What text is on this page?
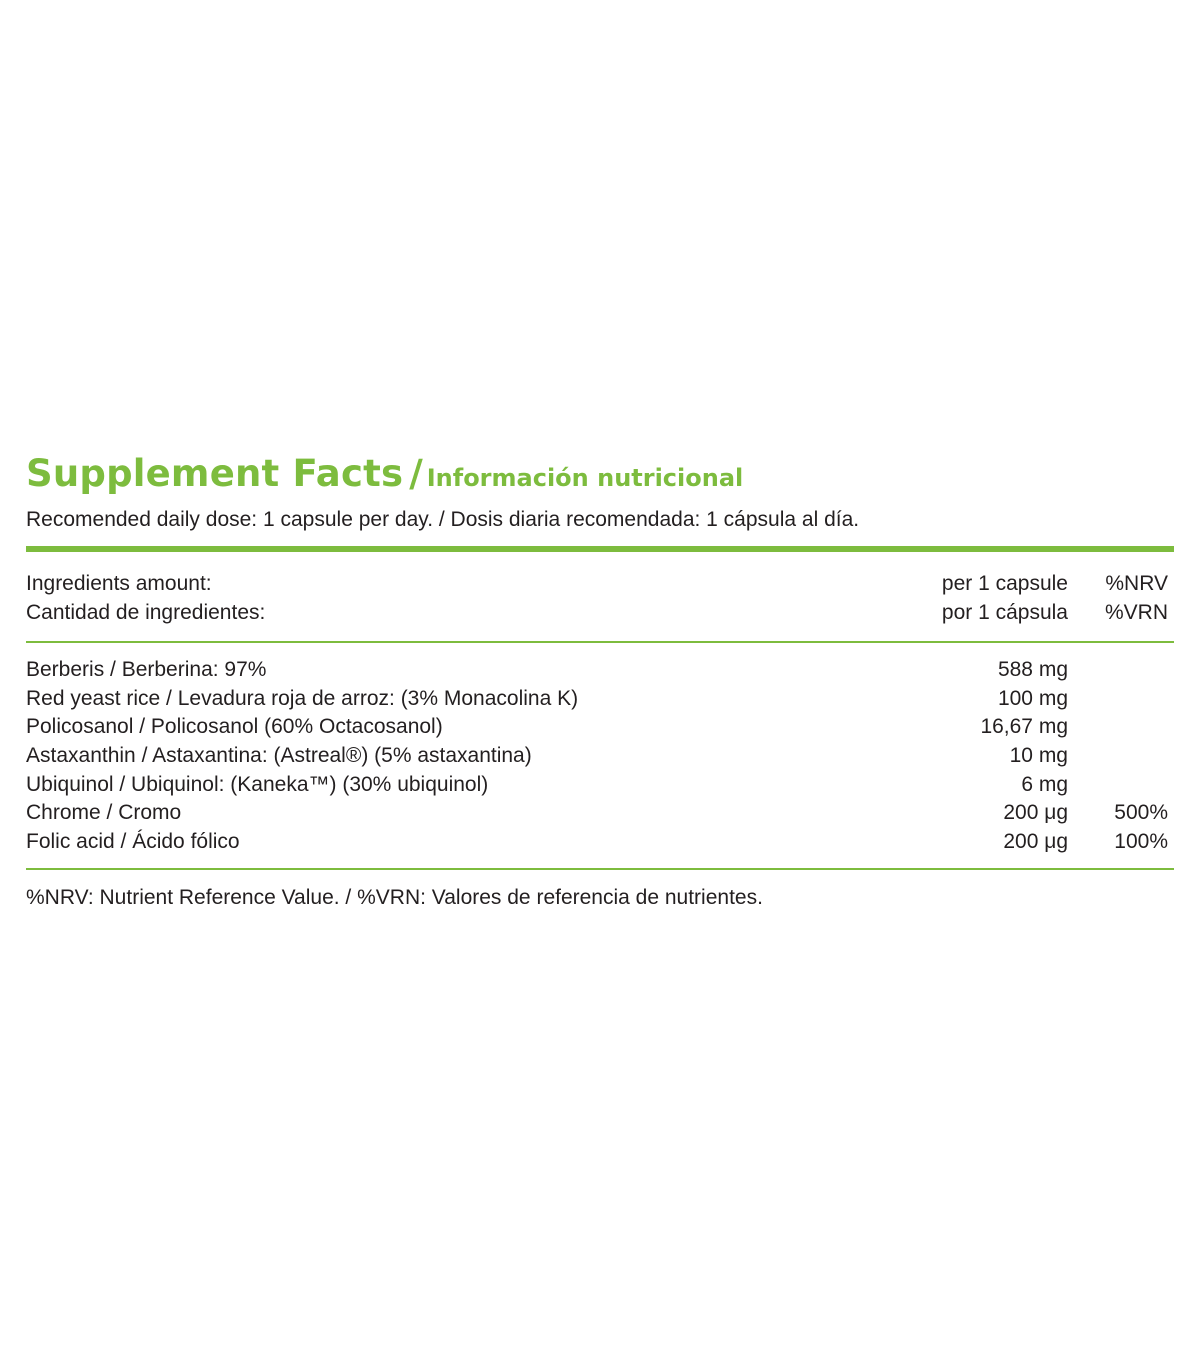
Supplement Facts / Información nutricional
Recomended daily dose: 1 capsule per day. / Dosis diaria recomendada: 1 cápsula al día.
Ingredients amount:	per 1 capsule	%NRV
Cantidad de ingredientes:	por 1 cápsula	%VRN
Berberis / Berberina: 97%	588 mg
Red yeast rice / Levadura roja de arroz: (3% Monacolina K)	100 mg
Policosanol / Policosanol (60% Octacosanol)	16,67 mg
Astaxanthin / Astaxantina: (Astreal®) (5% astaxantina)	10 mg
Ubiquinol / Ubiquinol: (Kaneka™) (30% ubiquinol)	6 mg
Chrome / Cromo	200 μg	500%
Folic acid / Ácido fólico	200 μg	100%
%NRV: Nutrient Reference Value. / %VRN: Valores de referencia de nutrientes.
